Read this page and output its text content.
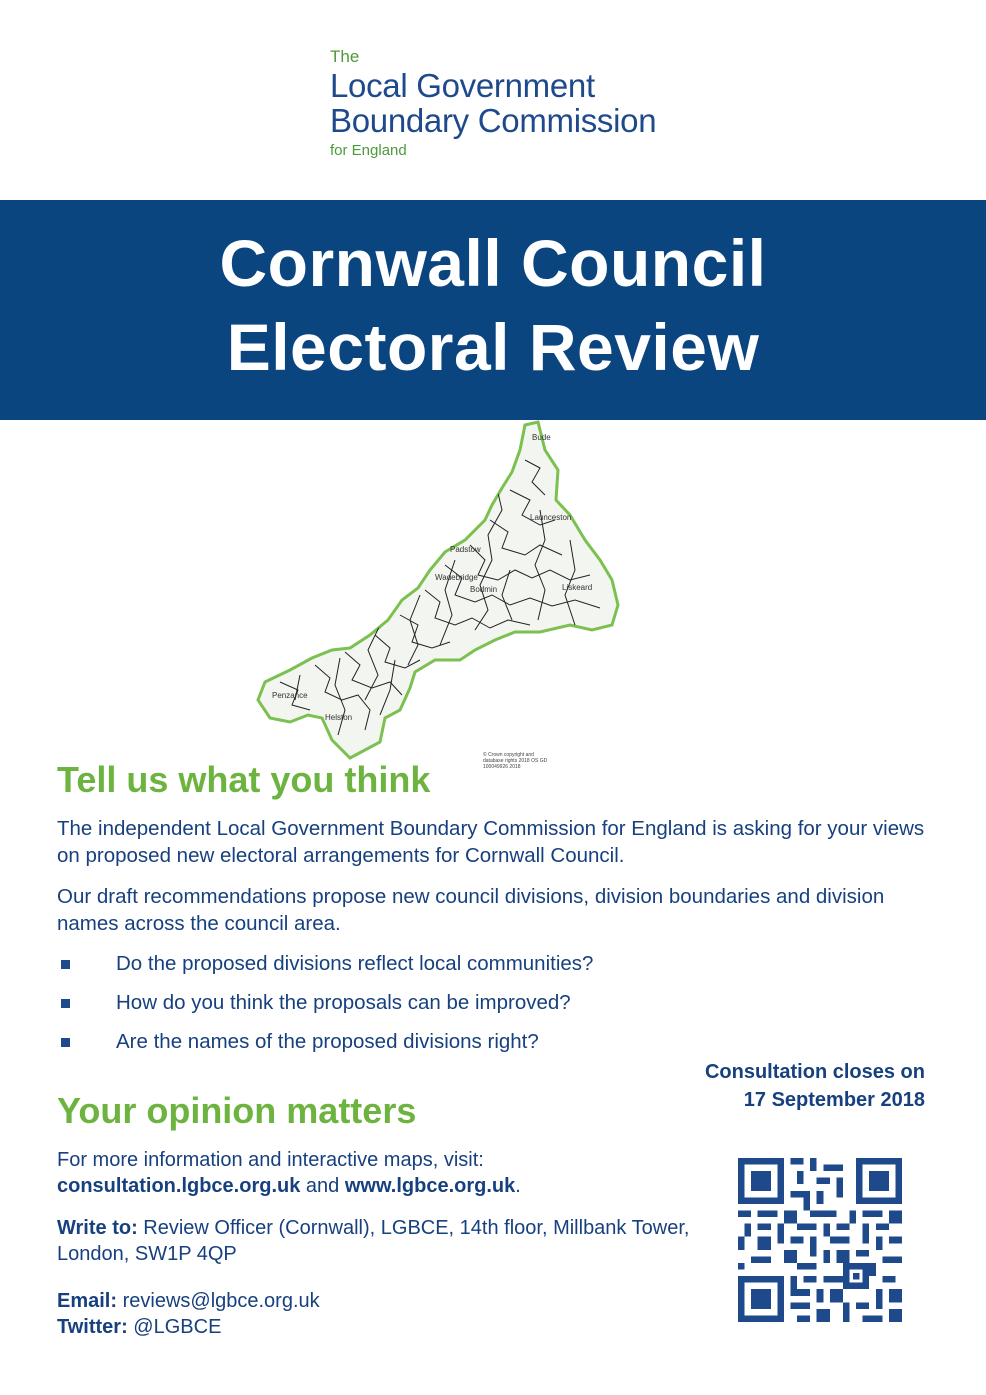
The
Local Government
Boundary Commission
for England
Cornwall Council
Electoral Review
Bude
Launceston
Padstow
Wadebridge
Bodmin	Liskeard
Penzance
Helston
© Crown copyright and database rights 2018 OS GD 100049926 2018
Tell us what you think

The independent Local Government Boundary Commission for England is asking for your views on proposed new electoral arrangements for Cornwall Council.

Our draft recommendations propose new council divisions, division boundaries and division names across the council area.

Do the proposed divisions reflect local communities?
How do you think the proposals can be improved?
Are the names of the proposed divisions right?
Consultation closes on
17 September 2018
Your opinion matters
For more information and interactive maps, visit:
consultation.lgbce.org.uk and www.lgbce.org.uk.
Write to: Review Officer (Cornwall), LGBCE, 14th floor, Millbank Tower, London, SW1P 4QP
Email: reviews@lgbce.org.uk
Twitter: @LGBCE
